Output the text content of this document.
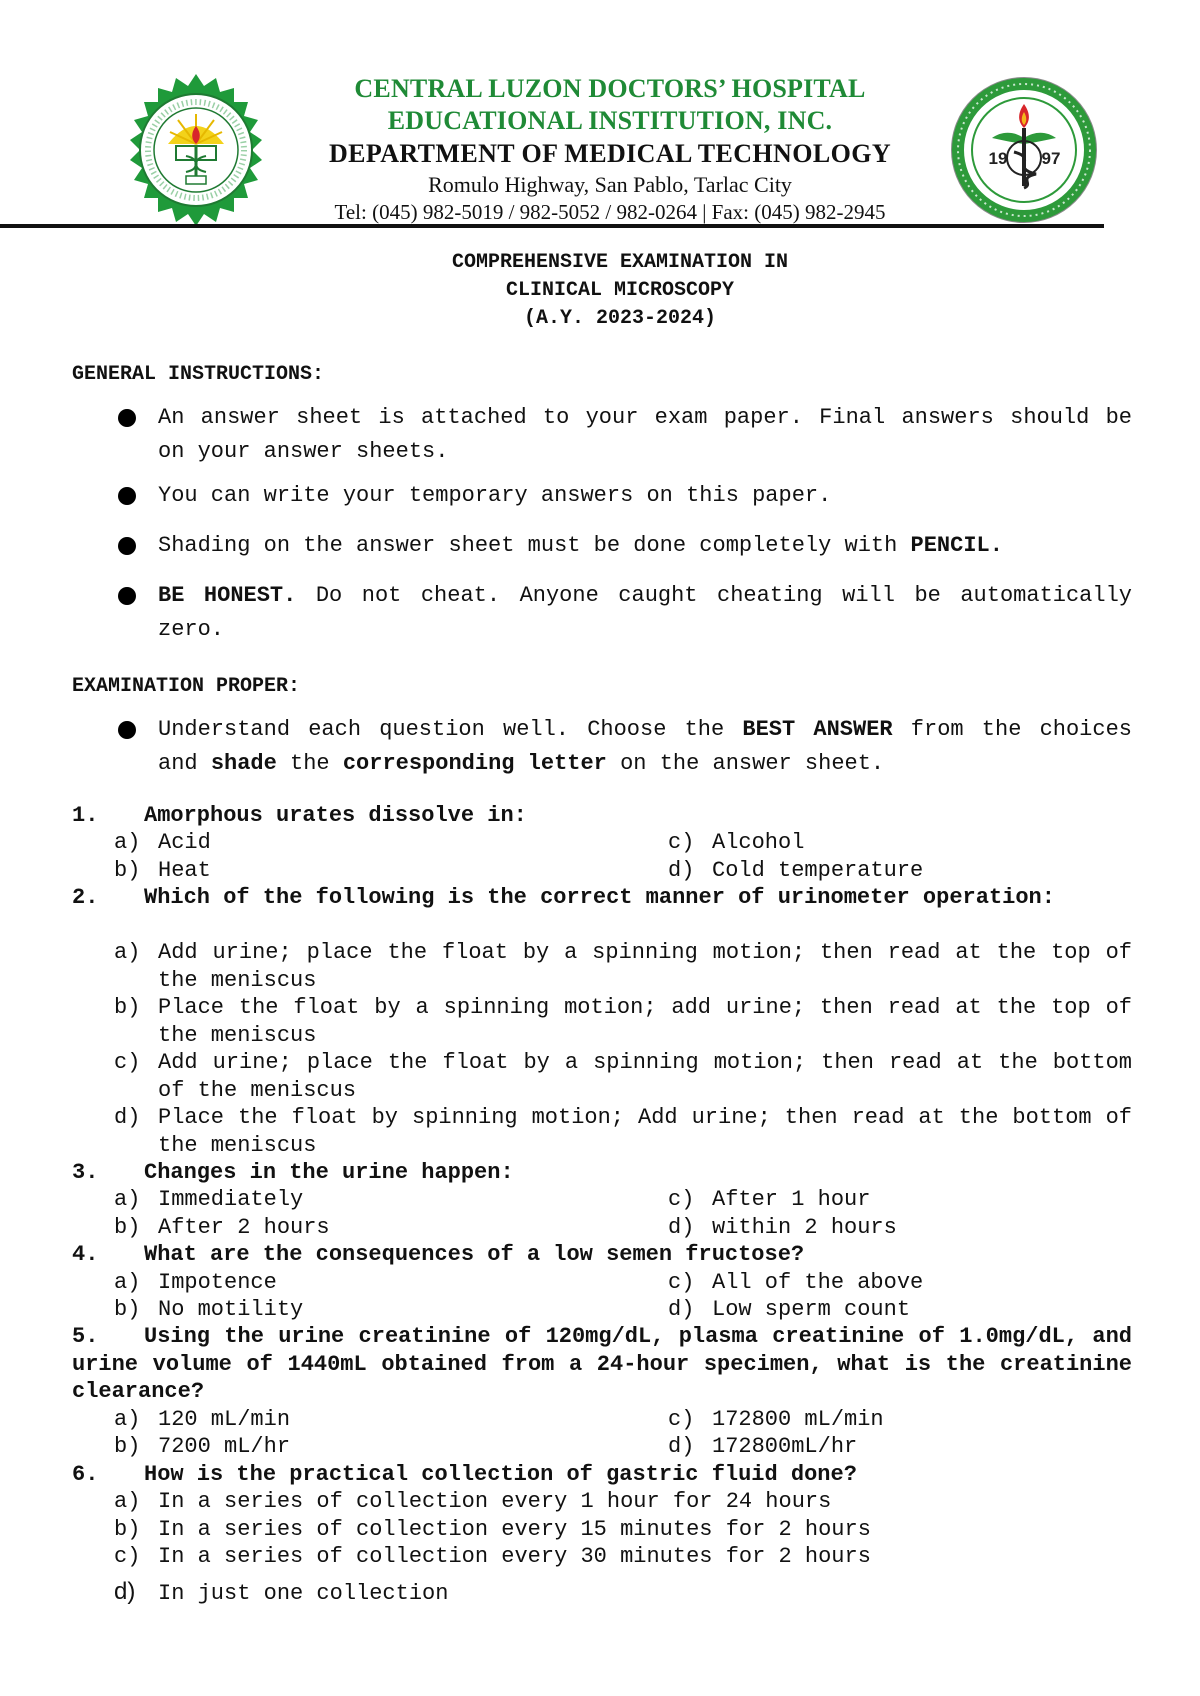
CENTRAL LUZON DOCTORS’ HOSPITAL
EDUCATIONAL INSTITUTION, INC.
DEPARTMENT OF MEDICAL TECHNOLOGY
Romulo Highway, San Pablo, Tarlac City
Tel: (045) 982-5019 / 982-5052 / 982-0264 | Fax: (045) 982-2945
19 97
COMPREHENSIVE EXAMINATION IN
CLINICAL MICROSCOPY
(A.Y. 2023-2024)
GENERAL INSTRUCTIONS:
An answer sheet is attached to your exam paper. Final answers should be on your answer sheets.
You can write your temporary answers on this paper.
Shading on the answer sheet must be done completely with PENCIL.
BE HONEST. Do not cheat. Anyone caught cheating will be automatically zero.
EXAMINATION PROPER:
Understand each question well. Choose the BEST ANSWER from the choices and shade the corresponding letter on the answer sheet.
1. Amorphous urates dissolve in:
a) Acid	c) Alcohol
b) Heat	d) Cold temperature
2. Which of the following is the correct manner of urinometer operation:
a) Add urine; place the float by a spinning motion; then read at the top of the meniscus
b) Place the float by a spinning motion; add urine; then read at the top of the meniscus
c) Add urine; place the float by a spinning motion; then read at the bottom of the meniscus
d) Place the float by spinning motion; Add urine; then read at the bottom of the meniscus
3. Changes in the urine happen:
a) Immediately	c) After 1 hour
b) After 2 hours	d) within 2 hours
4. What are the consequences of a low semen fructose?
a) Impotence	c) All of the above
b) No motility	d) Low sperm count
5. Using the urine creatinine of 120mg/dL, plasma creatinine of 1.0mg/dL, and urine volume of 1440mL obtained from a 24-hour specimen, what is the creatinine clearance?
a) 120 mL/min	c) 172800 mL/min
b) 7200 mL/hr	d) 172800mL/hr
6. How is the practical collection of gastric fluid done?
a) In a series of collection every 1 hour for 24 hours
b) In a series of collection every 15 minutes for 2 hours
c) In a series of collection every 30 minutes for 2 hours
d) In just one collection
